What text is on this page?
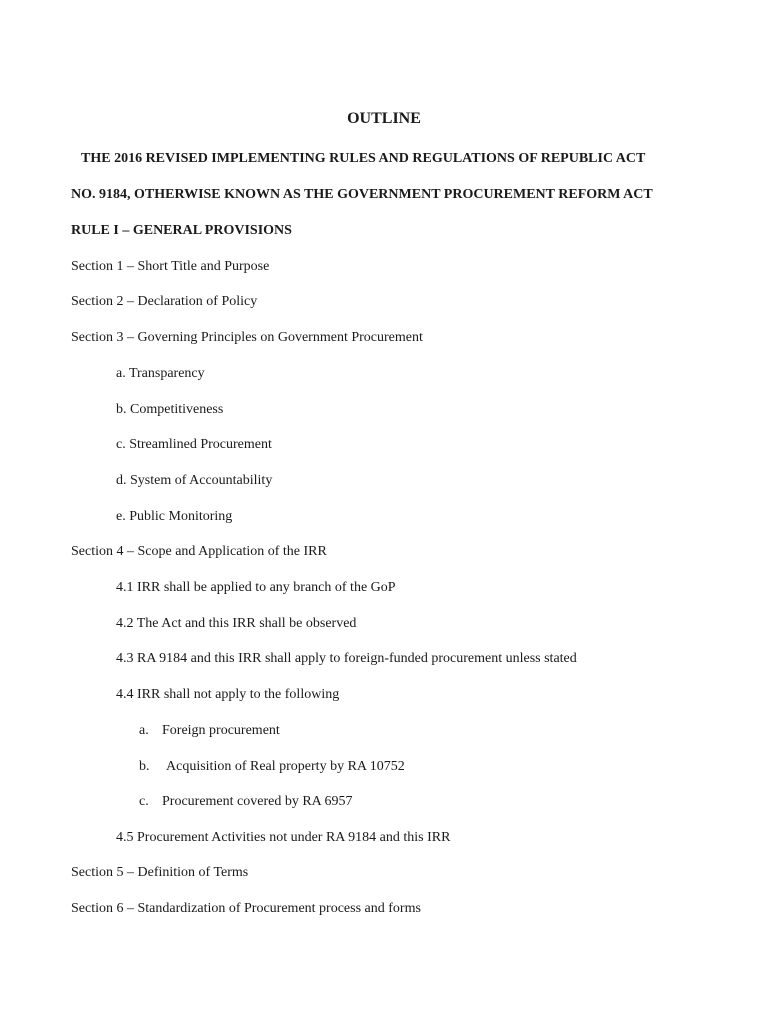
OUTLINE
THE 2016 REVISED IMPLEMENTING RULES AND REGULATIONS OF REPUBLIC ACT
NO. 9184, OTHERWISE KNOWN AS THE GOVERNMENT PROCUREMENT REFORM ACT
RULE I – GENERAL PROVISIONS
Section 1 – Short Title and Purpose
Section 2 – Declaration of Policy
Section 3 – Governing Principles on Government Procurement
a. Transparency
b. Competitiveness
c. Streamlined Procurement
d. System of Accountability
e. Public Monitoring
Section 4 – Scope and Application of the IRR
4.1 IRR shall be applied to any branch of the GoP
4.2 The Act and this IRR shall be observed
4.3 RA 9184 and this IRR shall apply to foreign-funded procurement unless stated
4.4 IRR shall not apply to the following
a. Foreign procurement
b. Acquisition of Real property by RA 10752
c. Procurement covered by RA 6957
4.5 Procurement Activities not under RA 9184 and this IRR
Section 5 – Definition of Terms
Section 6 – Standardization of Procurement process and forms
